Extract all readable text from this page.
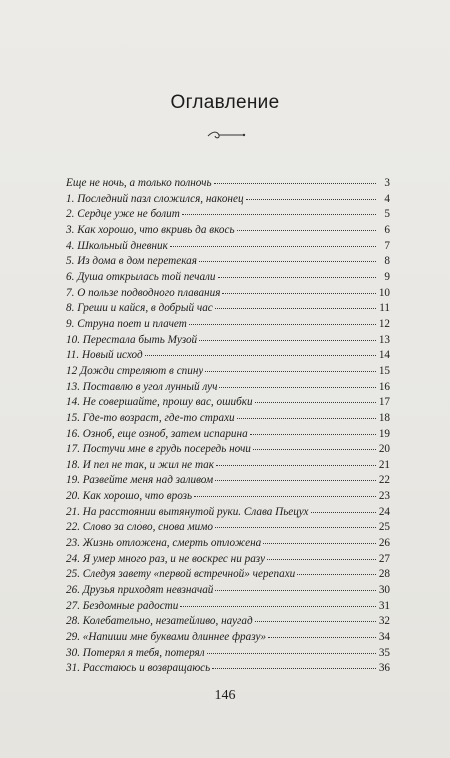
Оглавление
Еще не ночь, а только полночь	3
1. Последний пазл сложился, наконец	4
2. Сердце уже не болит	5
3. Как хорошо, что вкривь да вкось	6
4. Школьный дневник	7
5. Из дома в дом перетекая	8
6. Душа открылась той печали	9
7. О пользе подводного плавания	10
8. Греши и кайся, в добрый час	11
9. Струна поет и плачет	12
10. Перестала быть Музой	13
11. Новый исход	14
12 Дожди стреляют в спину	15
13. Поставлю в угол лунный луч	16
14. Не совершайте, прошу вас, ошибки	17
15. Где-то возраст, где-то страхи	18
16. Озноб, еще озноб, затем испарина	19
17. Постучи мне в грудь посередь ночи	20
18. И пел не так, и жил не так	21
19. Развейте меня над заливом	22
20. Как хорошо, что врозь	23
21. На расстоянии вытянутой руки. Слава Пьецух	24
22. Слово за сло́во, снова мимо	25
23. Жизнь отложена, смерть отложена	26
24. Я умер много раз, и не воскрес ни разу	27
25. Следуя завету «первой встречной» черепахи	28
26. Друзья приходят невзначай	30
27. Бездомные радости	31
28. Колебательно, незатейливо, наугад	32
29. «Напиши мне буквами длиннее фразу»	34
30. Потерял я тебя, потерял	35
31. Расстаюсь и возвращаюсь	36
146
